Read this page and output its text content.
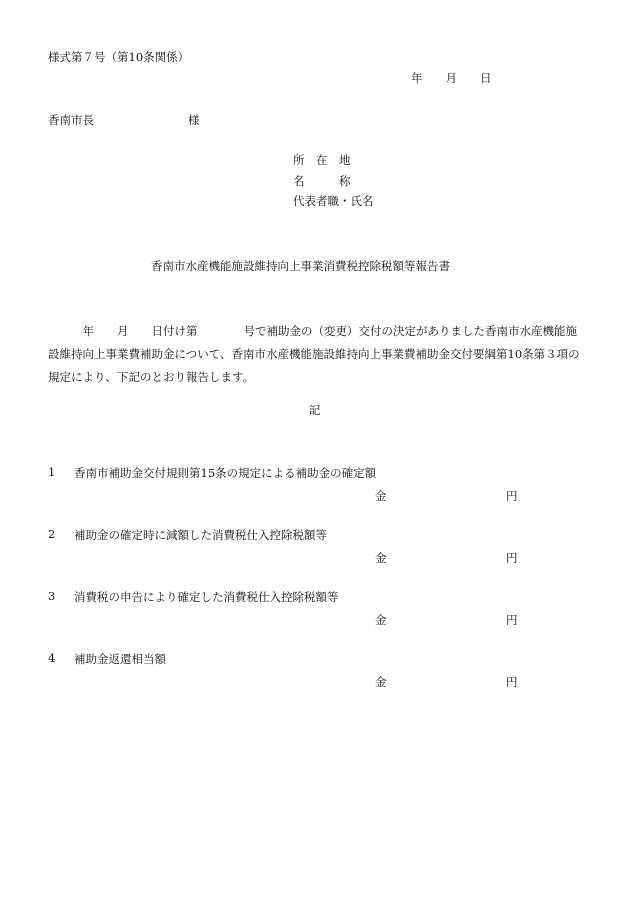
様式第７号（第10条関係）
年　　月　　日
香南市長	様
所　在　地
名　　　称
代表者職・氏名
香南市水産機能施設維持向上事業消費税控除税額等報告書
　　　年　　月　　日付け第　　　　号で補助金の（変更）交付の決定がありました香南市水産機能施設維持向上事業費補助金について、香南市水産機能施設維持向上事業費補助金交付要綱第10条第３項の規定により、下記のとおり報告します。
記
1 香南市補助金交付規則第15条の規定による補助金の確定額
金	円
2 補助金の確定時に減額した消費税仕入控除税額等
金	円
3 消費税の申告により確定した消費税仕入控除税額等
金	円
4 補助金返還相当額
金	円
